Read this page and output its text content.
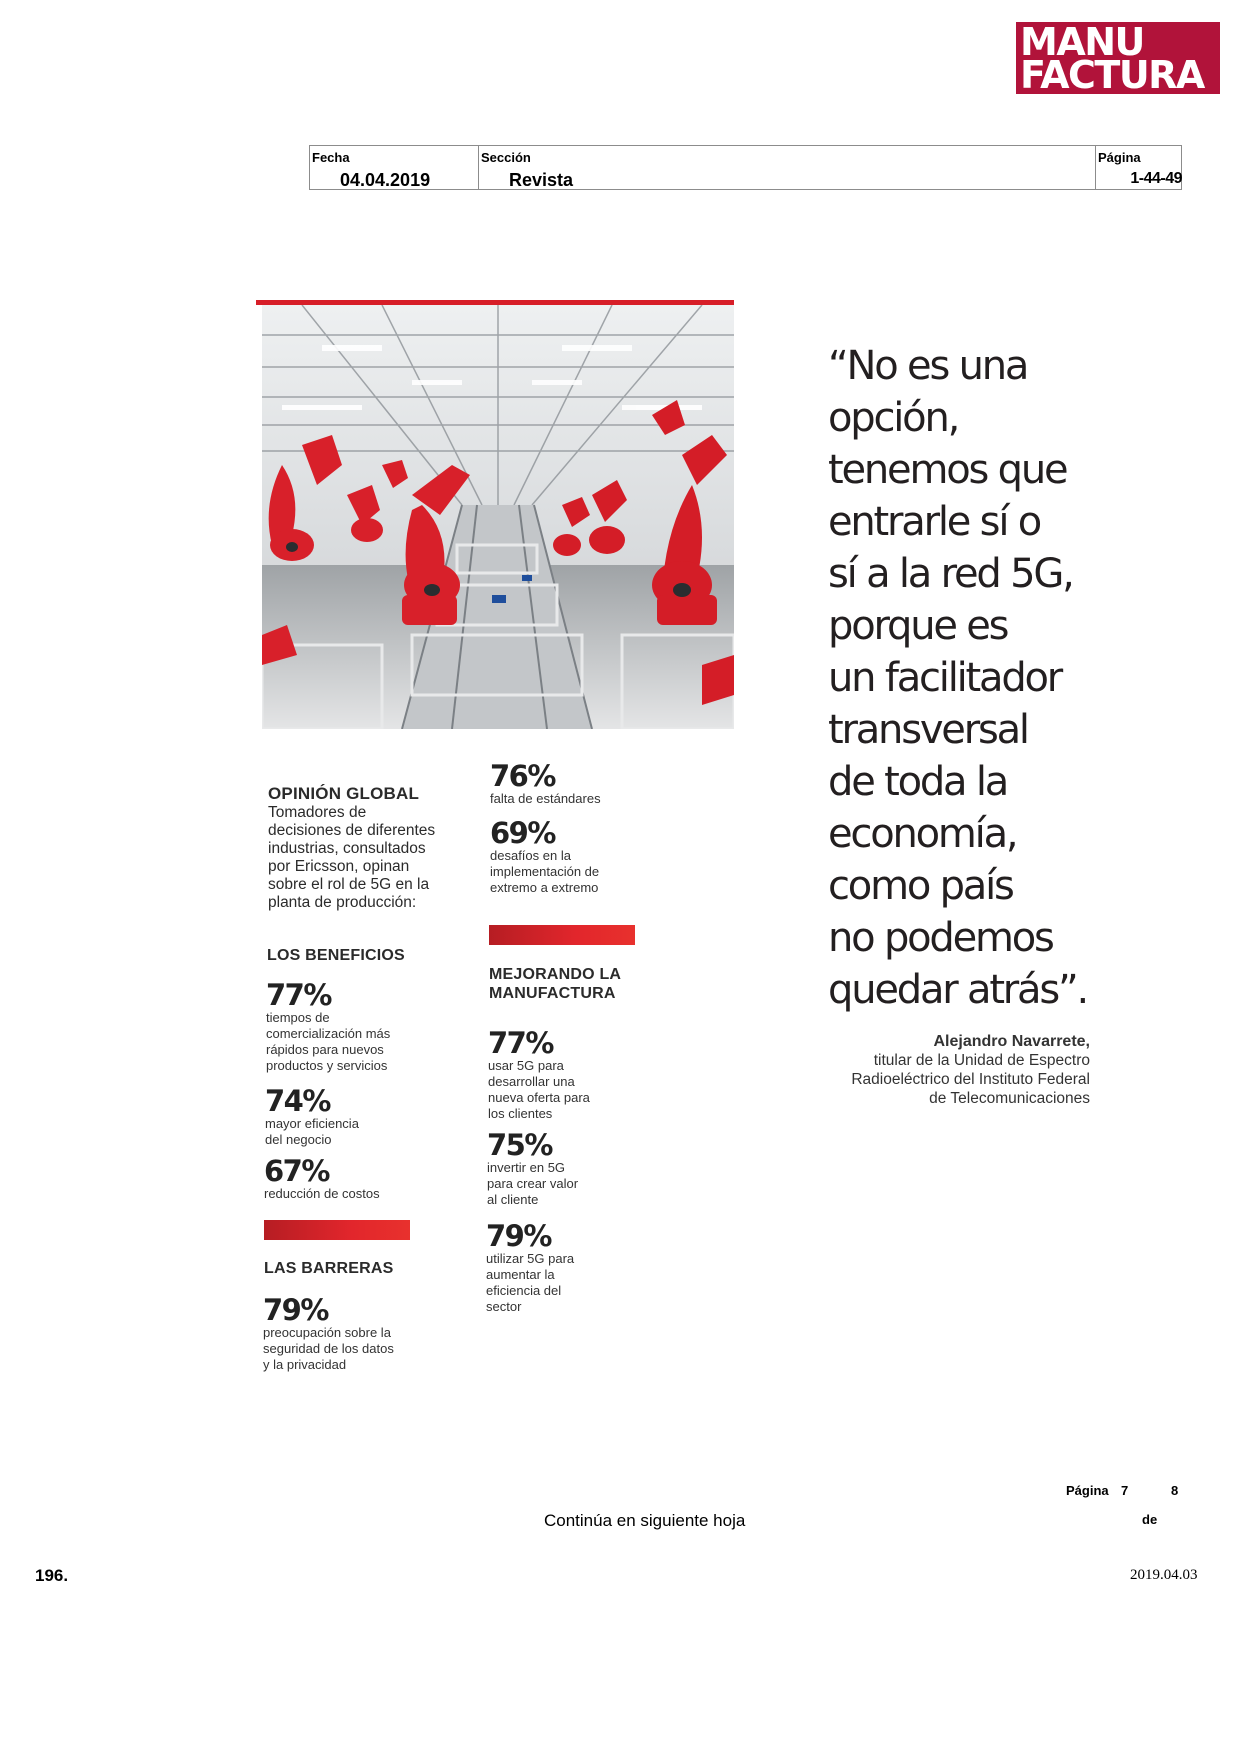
MANU
FACTURA
Fecha
04.04.2019
Sección
Revista
Página
1-44-49
OPINIÓN GLOBAL
Tomadores de
decisiones de diferentes
industrias, consultados
por Ericsson, opinan
sobre el rol de 5G en la
planta de producción:
LOS BENEFICIOS
77%
tiempos de
comercialización más
rápidos para nuevos
productos y servicios
74%
mayor eficiencia
del negocio
67%
reducción de costos
LAS BARRERAS
79%
preocupación sobre la
seguridad de los datos
y la privacidad
76%
falta de estándares
69%
desafíos en la
implementación de
extremo a extremo
MEJORANDO LA
MANUFACTURA
77%
usar 5G para
desarrollar una
nueva oferta para
los clientes
75%
invertir en 5G
para crear valor
al cliente
79%
utilizar 5G para
aumentar la
eficiencia del
sector
“No es una
opción,
tenemos que
entrarle sí o
sí a la red 5G,
porque es
un facilitador
transversal
de toda la
economía,
como país
no podemos
quedar atrás”.
Alejandro Navarrete,
titular de la Unidad de Espectro
Radioeléctrico del Instituto Federal
de Telecomunicaciones
Página 7	8
de
Continúa en siguiente hoja
196.	2019.04.03
